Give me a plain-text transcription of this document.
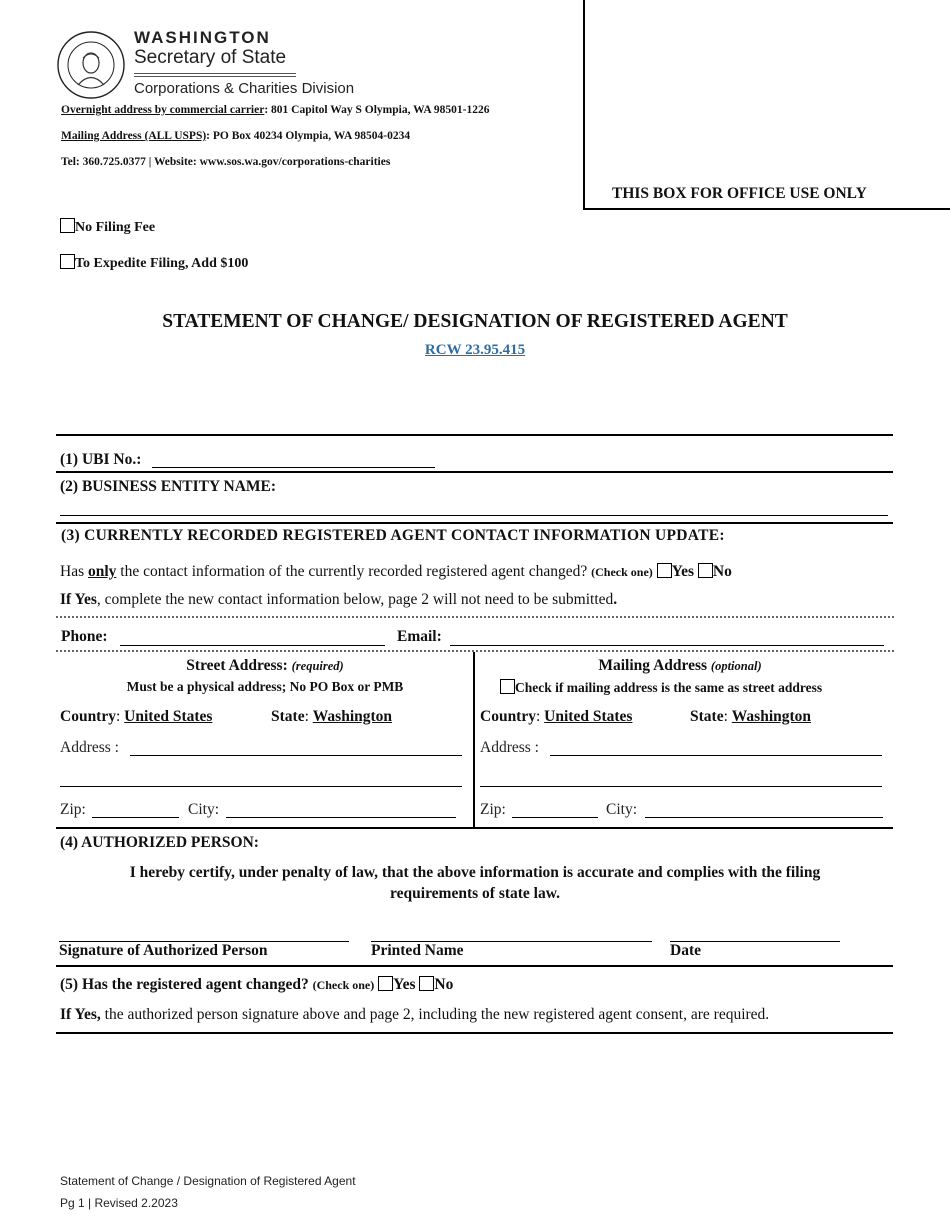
WASHINGTON
Secretary of State
Corporations & Charities Division
Overnight address by commercial carrier: 801 Capitol Way S Olympia, WA 98501-1226
Mailing Address (ALL USPS): PO Box 40234 Olympia, WA 98504-0234
Tel: 360.725.0377 | Website: www.sos.wa.gov/corporations-charities
THIS BOX FOR OFFICE USE ONLY
No Filing Fee
To Expedite Filing, Add $100
STATEMENT OF CHANGE/ DESIGNATION OF REGISTERED AGENT
RCW 23.95.415
(1) UBI No.:
(2) BUSINESS ENTITY NAME:
(3) CURRENTLY RECORDED REGISTERED AGENT CONTACT INFORMATION UPDATE:
Has only the contact information of the currently recorded registered agent changed? (Check one) Yes No
If Yes, complete the new contact information below, page 2 will not need to be submitted.
Phone:	Email:
Street Address: (required)
Must be a physical address; No PO Box or PMB
Country: United States	State: Washington
Address :
Zip:	City:
Mailing Address (optional)
Check if mailing address is the same as street address
Country: United States	State: Washington
Address :
Zip:	City:
(4) AUTHORIZED PERSON:
I hereby certify, under penalty of law, that the above information is accurate and complies with the filing requirements of state law.
Signature of Authorized Person	Printed Name	Date
(5) Has the registered agent changed? (Check one) Yes No
If Yes, the authorized person signature above and page 2, including the new registered agent consent, are required.
Statement of Change / Designation of Registered Agent
Pg 1 | Revised 2.2023
